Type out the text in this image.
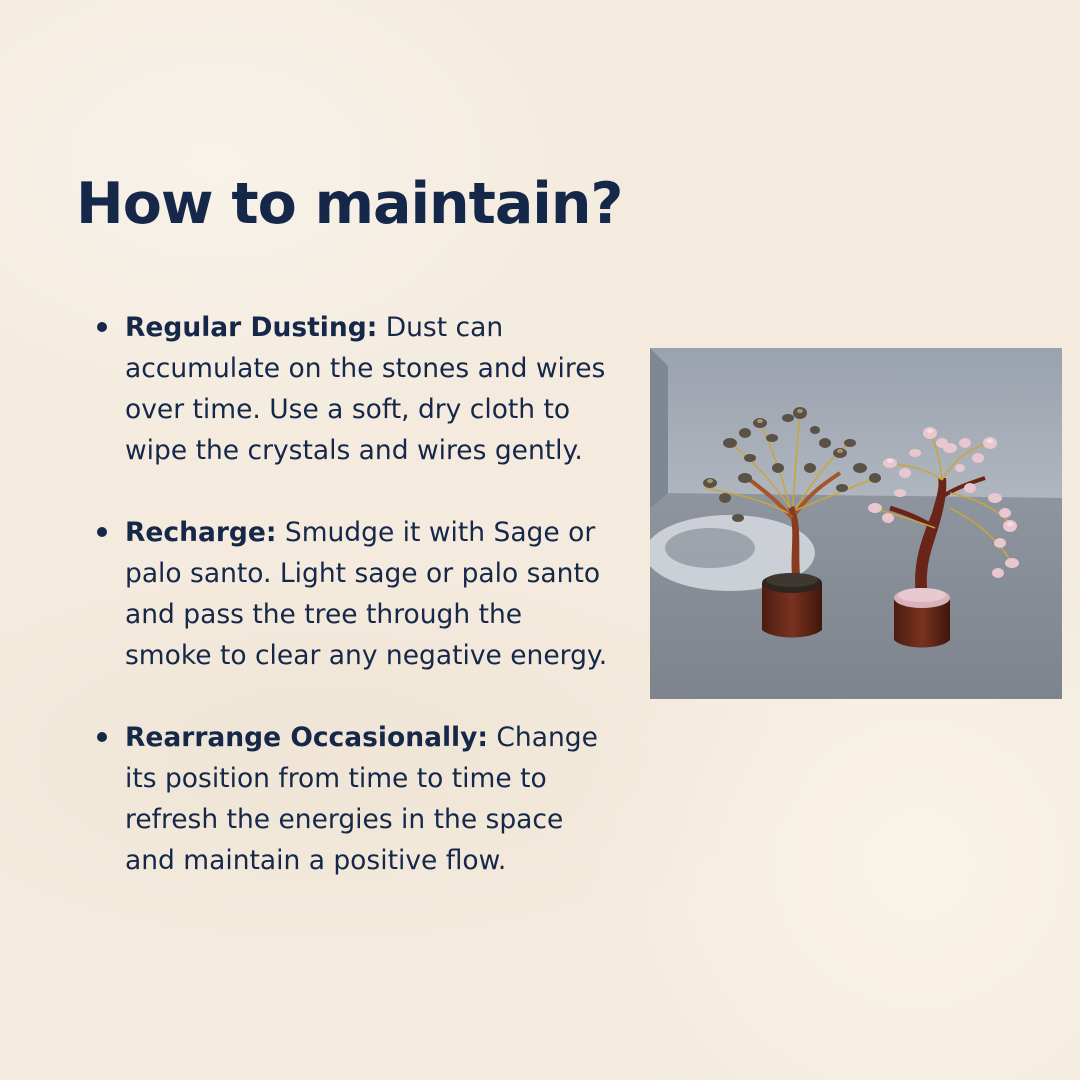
How to maintain?
Regular Dusting: Dust can accumulate on the stones and wires over time. Use a soft, dry cloth to wipe the crystals and wires gently.
Recharge: Smudge it with Sage or palo santo. Light sage or palo santo and pass the tree through the smoke to clear any negative energy.
Rearrange Occasionally: Change its position from time to time to refresh the energies in the space and maintain a positive flow.
